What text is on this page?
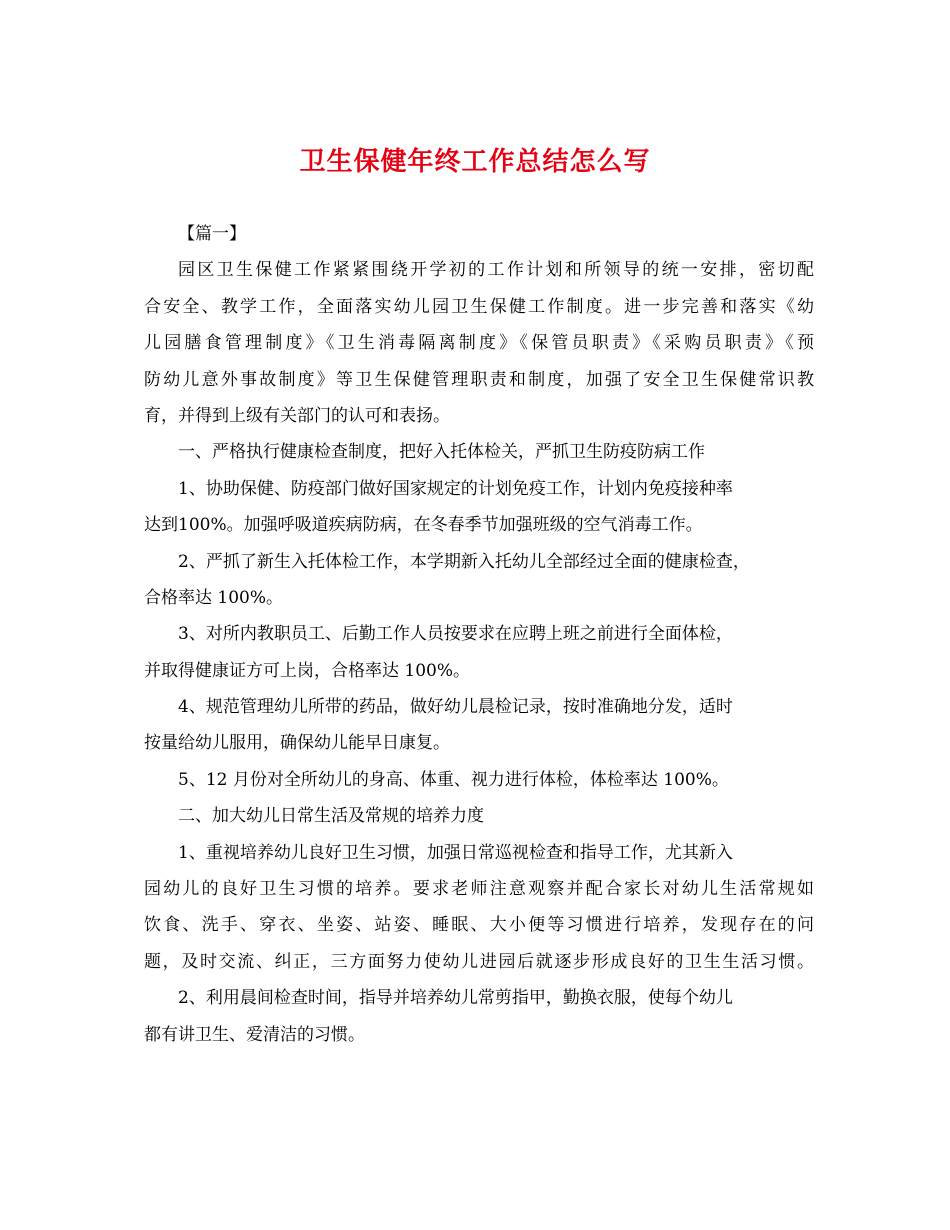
卫生保健年终工作总结怎么写
【篇一】
园区卫生保健工作紧紧围绕开学初的工作计划和所领导的统一安排，密切配
合安全、教学工作，全面落实幼儿园卫生保健工作制度。进一步完善和落实《幼
儿园膳食管理制度》《卫生消毒隔离制度》《保管员职责》《采购员职责》《预
防幼儿意外事故制度》等卫生保健管理职责和制度，加强了安全卫生保健常识教
育，并得到上级有关部门的认可和表扬。
一、严格执行健康检查制度，把好入托体检关，严抓卫生防疫防病工作
1、协助保健、防疫部门做好国家规定的计划免疫工作，计划内免疫接种率
达到100%。加强呼吸道疾病防病，在冬春季节加强班级的空气消毒工作。
2、严抓了新生入托体检工作，本学期新入托幼儿全部经过全面的健康检查，
合格率达 100%。
3、对所内教职员工、后勤工作人员按要求在应聘上班之前进行全面体检，
并取得健康证方可上岗，合格率达 100%。
4、规范管理幼儿所带的药品，做好幼儿晨检记录，按时准确地分发，适时
按量给幼儿服用，确保幼儿能早日康复。
5、12 月份对全所幼儿的身高、体重、视力进行体检，体检率达 100%。
二、加大幼儿日常生活及常规的培养力度
1、重视培养幼儿良好卫生习惯，加强日常巡视检查和指导工作，尤其新入
园幼儿的良好卫生习惯的培养。要求老师注意观察并配合家长对幼儿生活常规如
饮食、洗手、穿衣、坐姿、站姿、睡眠、大小便等习惯进行培养，发现存在的问
题，及时交流、纠正，三方面努力使幼儿进园后就逐步形成良好的卫生生活习惯。
2、利用晨间检查时间，指导并培养幼儿常剪指甲，勤换衣服，使每个幼儿
都有讲卫生、爱清洁的习惯。
